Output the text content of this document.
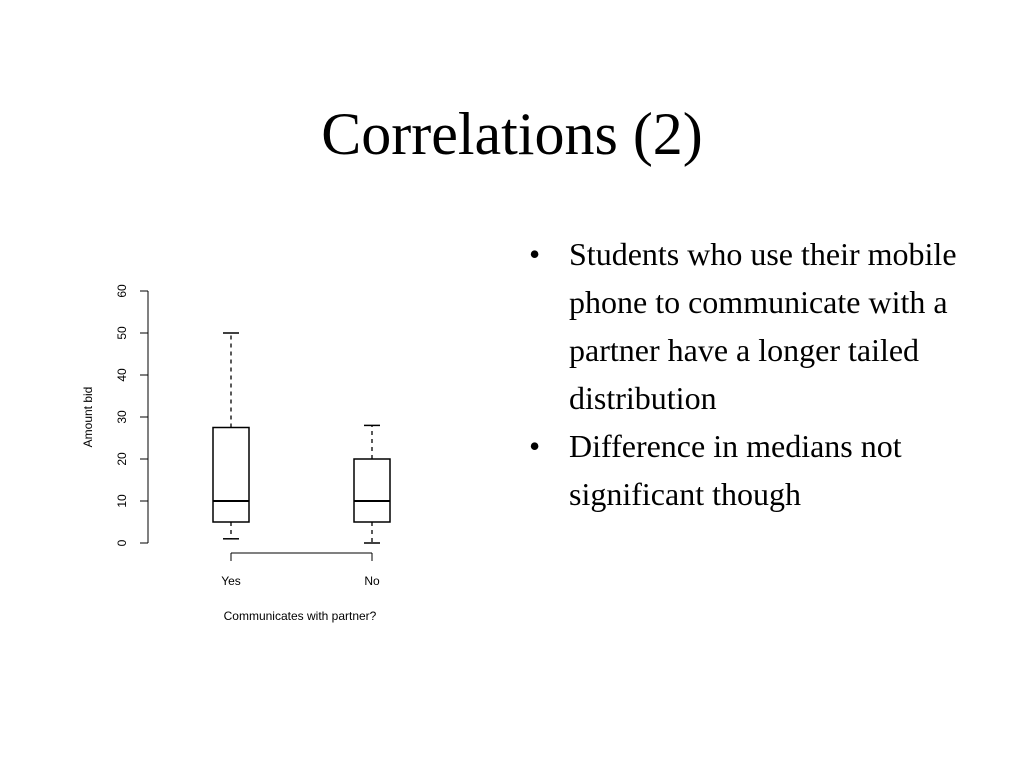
Correlations (2)
0
10
20
30
40
50
60
Yes	No
Amount bid
Communicates with partner?
• Students who use their mobile phone to communicate with a partner have a longer tailed distribution
• Difference in medians not significant though
